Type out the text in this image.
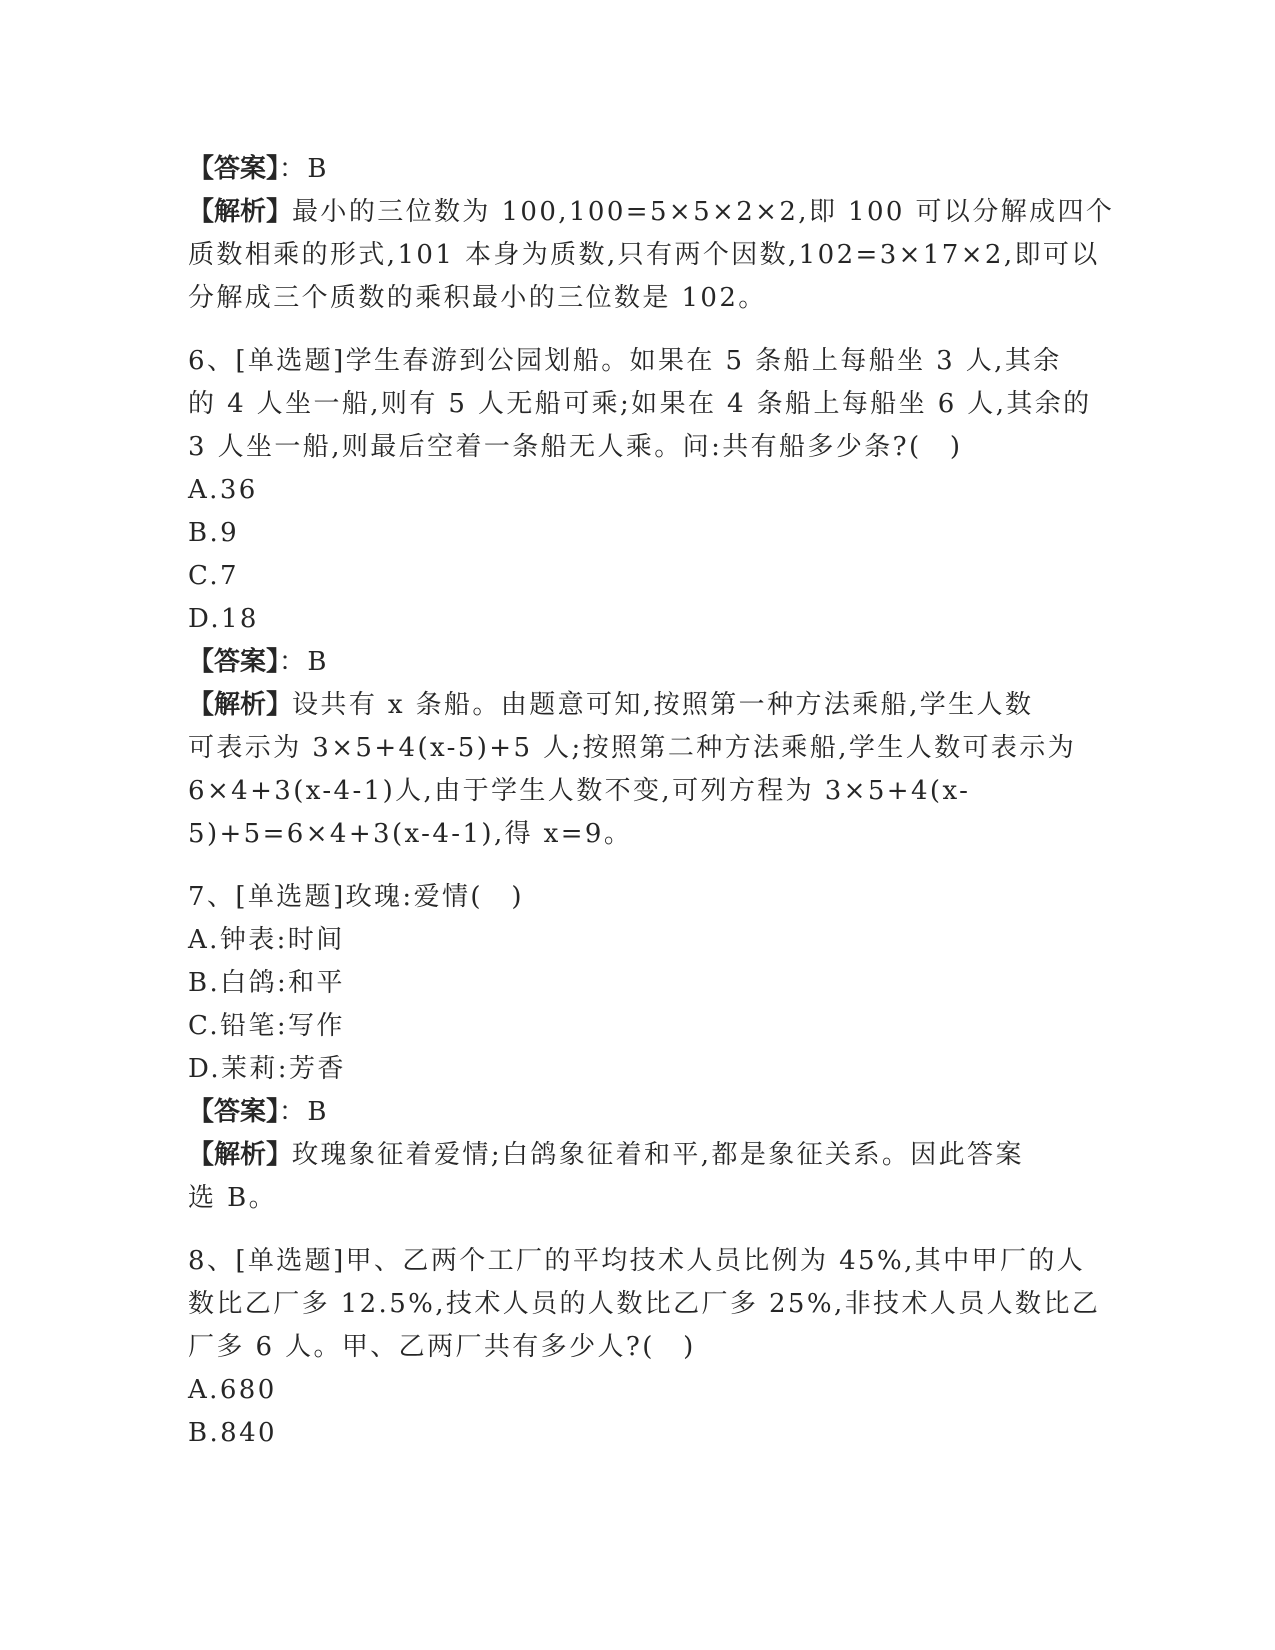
【答案】：B
【解析】最小的三位数为 100,100=5×5×2×2,即 100 可以分解成四个
质数相乘的形式,101 本身为质数,只有两个因数,102=3×17×2,即可以
分解成三个质数的乘积最小的三位数是 102。
6、[单选题]学生春游到公园划船。如果在 5 条船上每船坐 3 人,其余
的 4 人坐一船,则有 5 人无船可乘;如果在 4 条船上每船坐 6 人,其余的
3 人坐一船,则最后空着一条船无人乘。问:共有船多少条?(　)
A.36
B.9
C.7
D.18
【答案】：B
【解析】设共有 x 条船。由题意可知,按照第一种方法乘船,学生人数
可表示为 3×5+4(x-5)+5 人;按照第二种方法乘船,学生人数可表示为
6×4+3(x-4-1)人,由于学生人数不变,可列方程为 3×5+4(x-
5)+5=6×4+3(x-4-1),得 x=9。
7、[单选题]玫瑰:爱情(　)
A.钟表:时间
B.白鸽:和平
C.铅笔:写作
D.茉莉:芳香
【答案】：B
【解析】玫瑰象征着爱情;白鸽象征着和平,都是象征关系。因此答案
选 B。
8、[单选题]甲、乙两个工厂的平均技术人员比例为 45%,其中甲厂的人
数比乙厂多 12.5%,技术人员的人数比乙厂多 25%,非技术人员人数比乙
厂多 6 人。甲、乙两厂共有多少人?(　)
A.680
B.840
